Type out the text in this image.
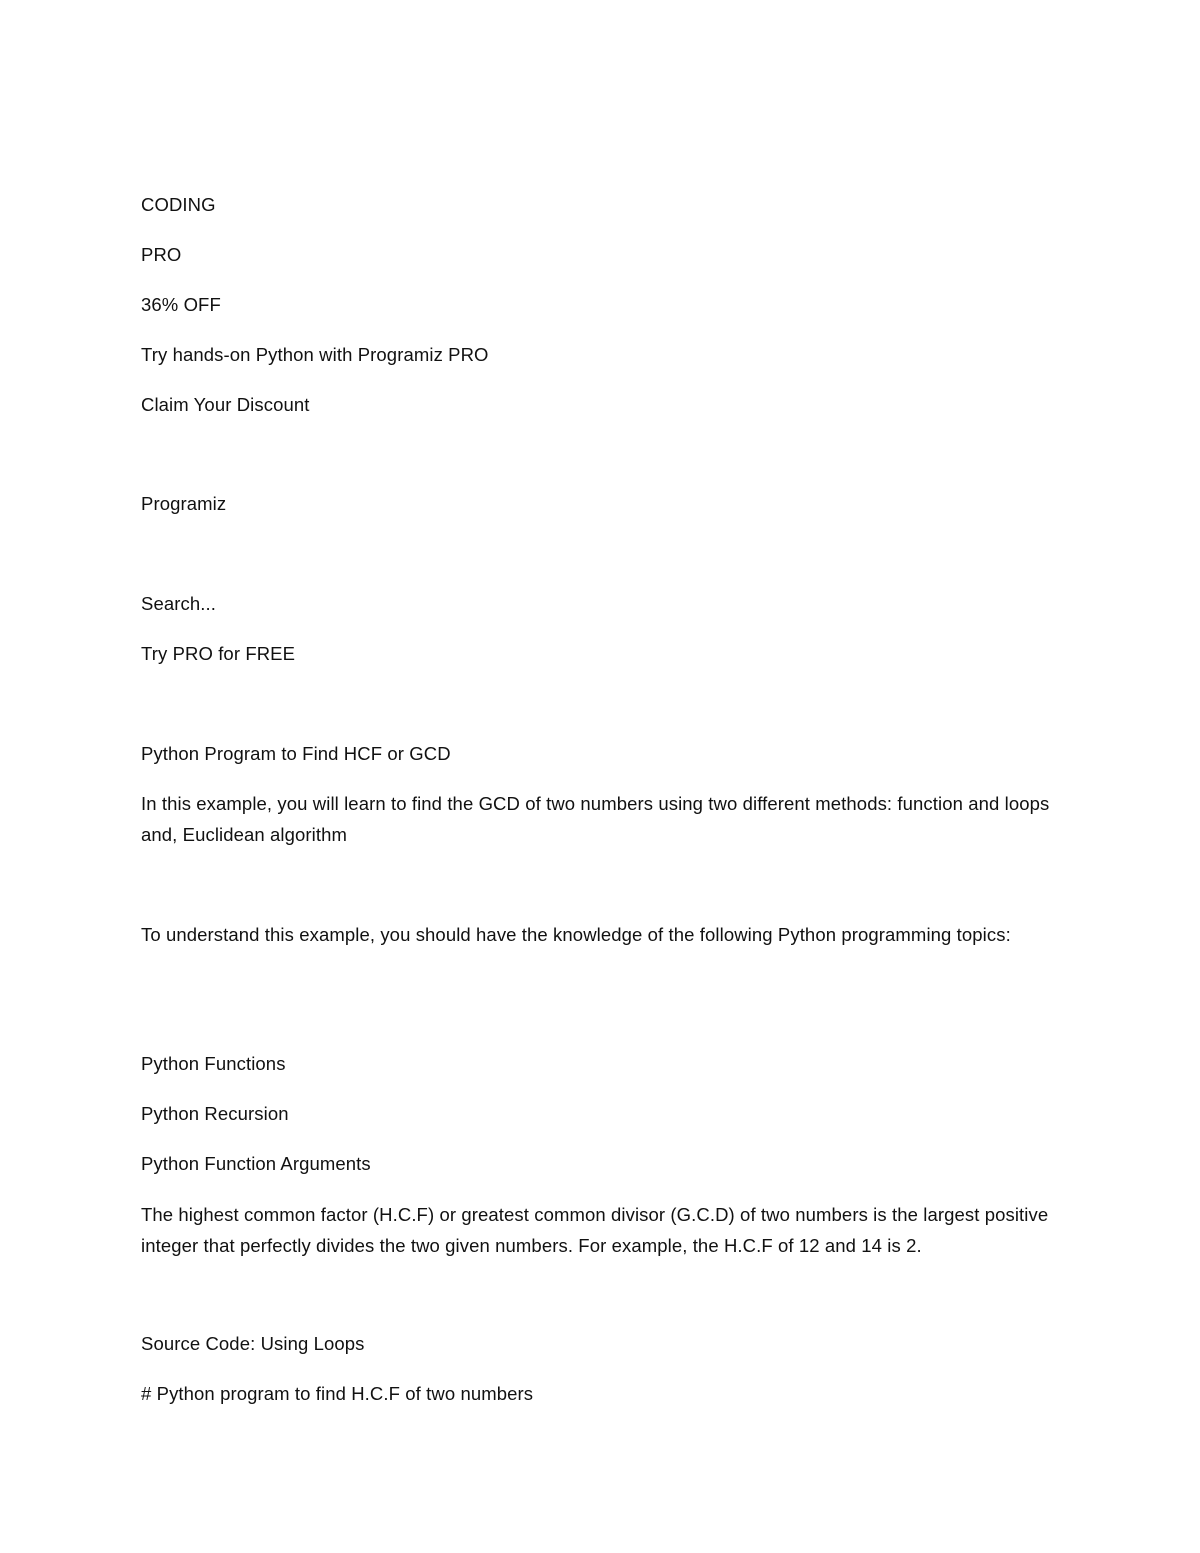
CODING
PRO
36% OFF
Try hands-on Python with Programiz PRO
Claim Your Discount
Programiz
Search...
Try PRO for FREE
Python Program to Find HCF or GCD
In this example, you will learn to find the GCD of two numbers using two different methods: function and loops and, Euclidean algorithm
To understand this example, you should have the knowledge of the following Python programming topics:
Python Functions
Python Recursion
Python Function Arguments
The highest common factor (H.C.F) or greatest common divisor (G.C.D) of two numbers is the largest positive integer that perfectly divides the two given numbers. For example, the H.C.F of 12 and 14 is 2.
Source Code: Using Loops
# Python program to find H.C.F of two numbers
